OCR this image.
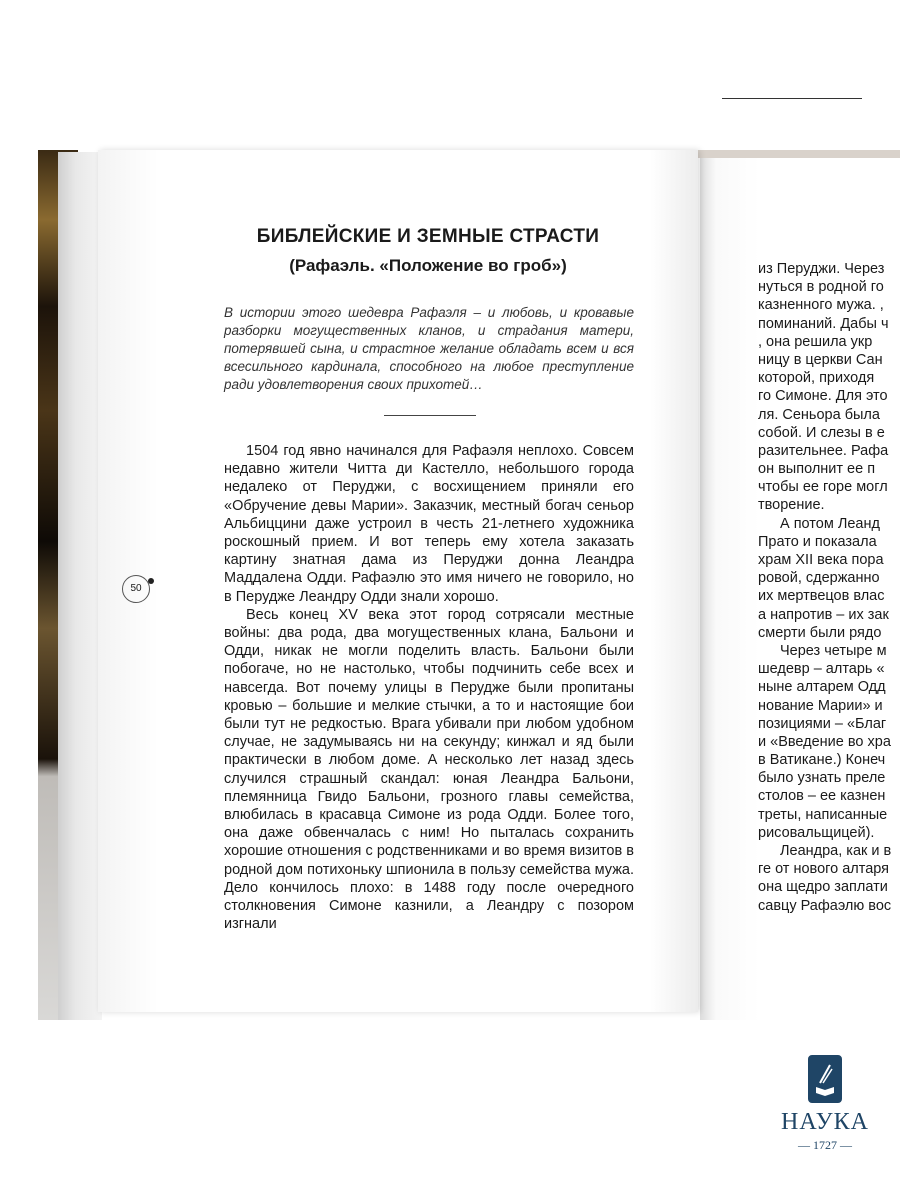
БИБЛЕЙСКИЕ И ЗЕМНЫЕ СТРАСТИ
(Рафаэль. «Положение во гроб»)
В истории этого шедевра Рафаэля – и любовь, и кровавые разборки могущественных кланов, и страдания матери, потерявшей сына, и страстное желание обладать всем и вся всесильного кардинала, способного на любое преступление ради удовлетворения своих прихотей…

1504 год явно начинался для Рафаэля неплохо. Совсем недавно жители Читта ди Кастелло, небольшого города недалеко от Перуджи, с восхищением приняли его «Обручение девы Марии». Заказчик, местный богач сеньор Альбиццини даже устроил в честь 21-летнего художника роскошный прием. И вот теперь ему хотела заказать картину знатная дама из Перуджи донна Леандра Маддалена Одди. Рафаэлю это имя ничего не говорило, но в Перудже Леандру Одди знали хорошо.

Весь конец XV века этот город сотрясали местные войны: два рода, два могущественных клана, Бальони и Одди, никак не могли поделить власть. Бальони были побогаче, но не настолько, чтобы подчинить себе всех и навсегда. Вот почему улицы в Перудже были пропитаны кровью – большие и мелкие стычки, а то и настоящие бои были тут не редкостью. Врага убивали при любом удобном случае, не задумываясь ни на секунду; кинжал и яд были практически в любом доме. А несколько лет назад здесь случился страшный скандал: юная Леандра Бальони, племянница Гвидо Бальони, грозного главы семейства, влюбилась в красавца Симоне из рода Одди. Более того, она даже обвенчалась с ним! Но пыталась сохранить хорошие отношения с родственниками и во время визитов в родной дом потихоньку шпионила в пользу семейства мужа. Дело кончилось плохо: в 1488 году после очередного столкновения Симоне казнили, а Леандру с позором изгнали

50
из Перуджи. Через
нуться в родной го
казненного мужа. ,
поминаний. Дабы ч
, она решила укр
ницу в церкви Сан
которой, приходя
го Симоне. Для это
ля. Сеньора была
собой. И слезы в е
разительнее. Рафа
он выполнит ее п
чтобы ее горе могл
творение.
А потом Леанд
Прато и показала
храм XII века пора
ровой, сдержанно
их мертвецов влас
а напротив – их зак
смерти были рядо
Через четыре м
шедевр – алтарь «
ныне алтарем Одд
нование Марии» и
позициями – «Благ
и «Введение во хра
в Ватикане.) Конеч
было узнать преле
столов – ее казнен
треты, написанные
рисовальщицей).
Леандра, как и в
ге от нового алтаря
она щедро заплати
савцу Рафаэлю вос
НАУКА
— 1727 —
